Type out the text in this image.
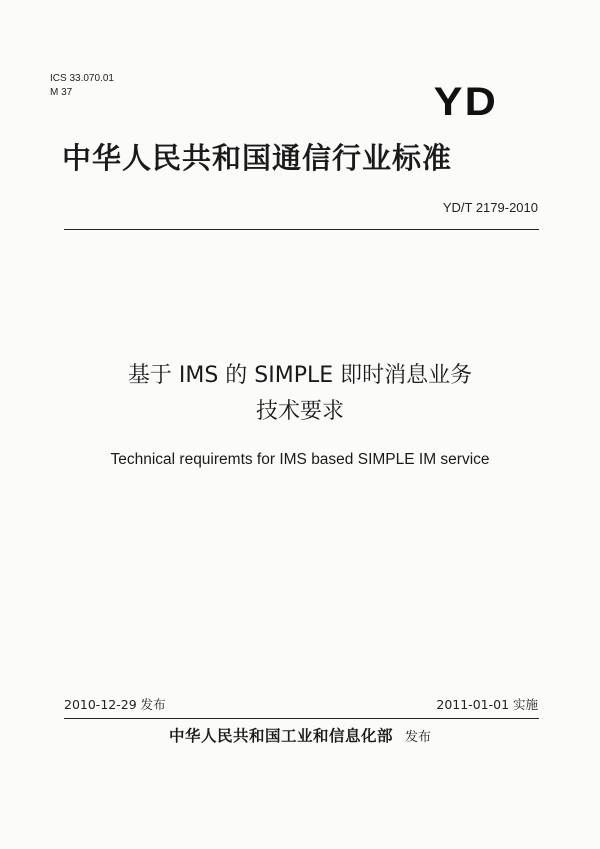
ICS 33.070.01
M 37	YD
中华人民共和国通信行业标准
YD/T 2179-2010
基于 IMS 的 SIMPLE 即时消息业务
技术要求
Technical requiremts for IMS based SIMPLE IM service
2010-12-29 发布	2011-01-01 实施
中华人民共和国工业和信息化部 发布
